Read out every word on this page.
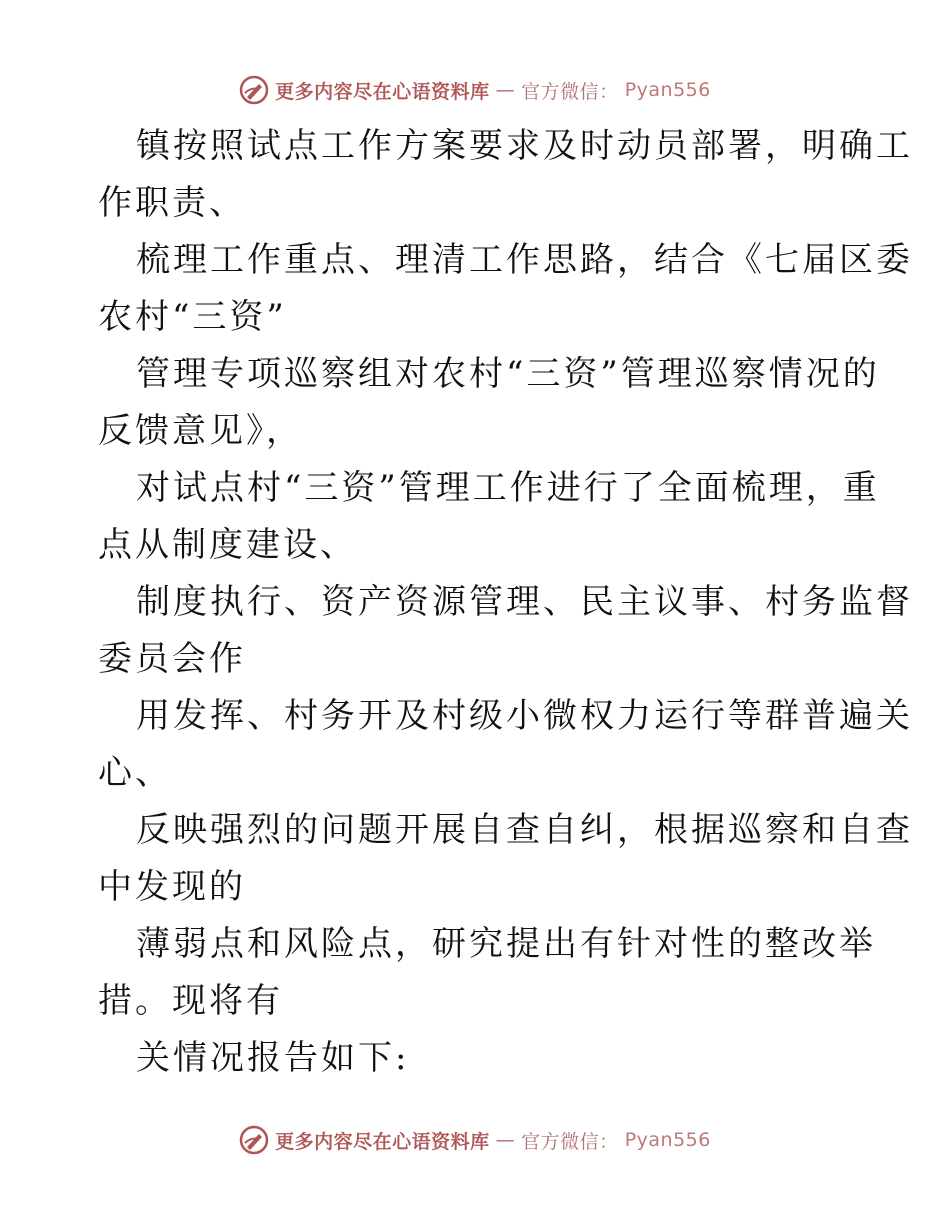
更多内容尽在心语资料库 — 官方微信： Pyan556

镇按照试点工作方案要求及时动员部署，明确工
作职责、

梳理工作重点、理清工作思路，结合《七届区委
农村“三资”

管理专项巡察组对农村“三资”管理巡察情况的
反馈意见》，

对试点村“三资”管理工作进行了全面梳理，重
点从制度建设、

制度执行、资产资源管理、民主议事、村务监督
委员会作

用发挥、村务开及村级小微权力运行等群普遍关
心、

反映强烈的问题开展自查自纠，根据巡察和自查
中发现的

薄弱点和风险点，研究提出有针对性的整改举
措。现将有

关情况报告如下:

更多内容尽在心语资料库 — 官方微信： Pyan556
